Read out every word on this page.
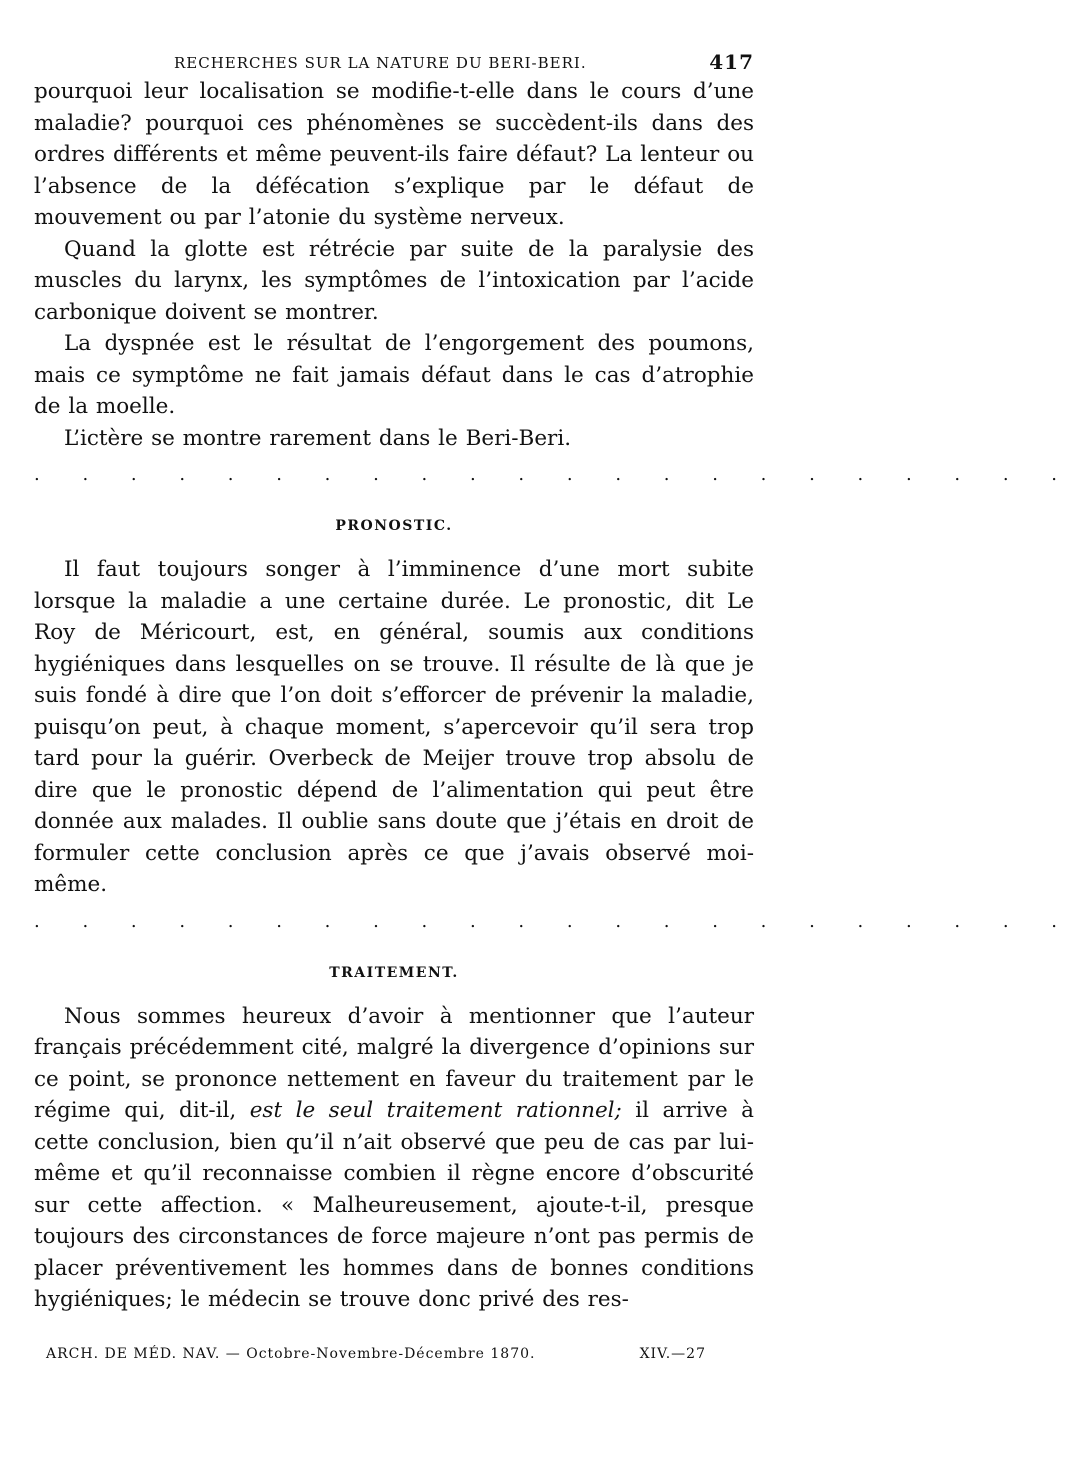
RECHERCHES SUR LA NATURE DU BERI-BERI.	417

pourquoi leur localisation se modifie-t-elle dans le cours d’une maladie? pourquoi ces phénomènes se succèdent-ils dans des ordres différents et même peuvent-ils faire défaut? La lenteur ou l’absence de la défécation s’explique par le défaut de mouvement ou par l’atonie du système nerveux.

Quand la glotte est rétrécie par suite de la paralysie des muscles du larynx, les symptômes de l’intoxication par l’acide carbonique doivent se montrer.

La dyspnée est le résultat de l’engorgement des poumons, mais ce symptôme ne fait jamais défaut dans le cas d’atrophie de la moelle.

L’ictère se montre rarement dans le Beri-Beri.

. . . . . . . . . . . . . . . . . . . . . .
PRONOSTIC.

Il faut toujours songer à l’imminence d’une mort subite lorsque la maladie a une certaine durée. Le pronostic, dit Le Roy de Méricourt, est, en général, soumis aux conditions hygiéniques dans lesquelles on se trouve. Il résulte de là que je suis fondé à dire que l’on doit s’efforcer de prévenir la maladie, puisqu’on peut, à chaque moment, s’apercevoir qu’il sera trop tard pour la guérir. Overbeck de Meijer trouve trop absolu de dire que le pronostic dépend de l’alimentation qui peut être donnée aux malades. Il oublie sans doute que j’étais en droit de formuler cette conclusion après ce que j’avais observé moi-même.

. . . . . . . . . . . . . . . . . . . . . .
TRAITEMENT.

Nous sommes heureux d’avoir à mentionner que l’auteur français précédemment cité, malgré la divergence d’opinions sur ce point, se prononce nettement en faveur du traitement par le régime qui, dit-il, est le seul traitement rationnel; il arrive à cette conclusion, bien qu’il n’ait observé que peu de cas par lui-même et qu’il reconnaisse combien il règne encore d’obscurité sur cette affection. « Malheureusement, ajoute-t-il, presque toujours des circonstances de force majeure n’ont pas permis de placer préventivement les hommes dans de bonnes conditions hygiéniques; le médecin se trouve donc privé des res-

ARCH. DE MÉD. NAV. — Octobre-Novembre-Décembre 1870.	XIV.—27
